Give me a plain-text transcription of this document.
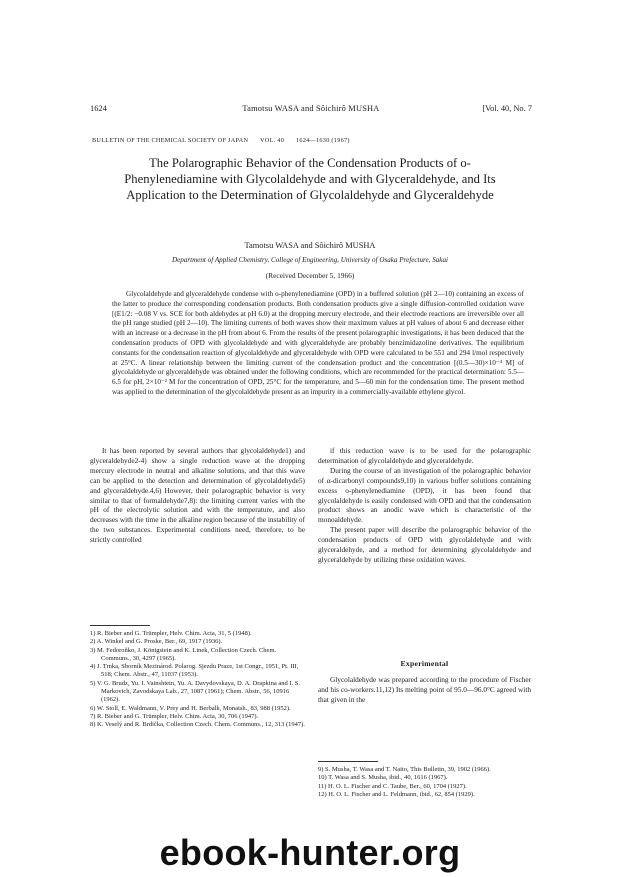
1624	Tamotsu WASA and Sôichirô MUSHA	[Vol. 40, No. 7
BULLETIN OF THE CHEMICAL SOCIETY OF JAPAN VOL. 40 1624—1630 (1967)
The Polarographic Behavior of the Condensation Products of o-Phenylenediamine with Glycolaldehyde and with Glyceraldehyde, and Its Application to the Determination of Glycolaldehyde and Glyceraldehyde
Tamotsu WASA and Sôichirô MUSHA
Department of Applied Chemistry, College of Engineering, University of Osaka Prefecture, Sakai
(Received December 5, 1966)

Glycolaldehyde and glyceraldehyde condense with o-phenylenediamine (OPD) in a buffered solution (pH 2—10) containing an excess of the latter to produce the corresponding condensation products. Both condensation products give a single diffusion-controlled oxidation wave [(E1/2: −0.08 V vs. SCE for both aldehydes at pH 6.0) at the dropping mercury electrode, and their electrode reactions are irreversible over all the pH range studied (pH 2—10). The limiting currents of both waves show their maximum values at pH values of about 6 and decrease either with an increase or a decrease in the pH from about 6. From the results of the present polarographic investigations, it has been deduced that the condensation products of OPD with glycolaldehyde and with glyceraldehyde are probably benzimidazoline derivatives. The equilibrium constants for the condensation reaction of glycolaldehyde and glyceraldehyde with OPD were calculated to be 551 and 294 l/mol respectively at 25°C. A linear relationship between the limiting current of the condensation product and the concentration [(0.5—30)×10⁻⁴ M] of glycolaldehyde or glyceraldehyde was obtained under the following conditions, which are recommended for the practical determination: 5.5—6.5 for pH, 2×10⁻² M for the concentration of OPD, 25°C for the temperature, and 5—60 min for the condensation time. The present method was applied to the determination of the glycolaldehyde present as an impurity in a commercially-available ethylene glycol.

It has been reported by several authors that glycolaldehyde1) and glyceraldehyde2-4) show a single reduction wave at the dropping mercury electrode in neutral and alkaline solutions, and that this wave can be applied to the detection and determination of glycolaldehyde5) and glyceraldehyde.4,6) However, their polarographic behavior is very similar to that of formaldehyde7,8): the limiting current varies with the pH of the electrolytic solution and with the temperature, and also decreases with the time in the alkaline region because of the instability of the two substances. Experimental conditions need, therefore, to be strictly controlled

if this reduction wave is to be used for the polarographic determination of glycolaldehyde and glyceraldehyde.

During the course of an investigation of the polarographic behavior of α-dicarbonyl compounds9,10) in various buffer solutions containing excess o-phenylenediamine (OPD), it has been found that glycolaldehyde is easily condensed with OPD and that the condensation product shows an anodic wave which is characteristic of the monoaldehyde.

The present paper will describe the polarographic behavior of the condensation products of OPD with glycolaldehyde and with glyceraldehyde, and a method for determining glycolaldehyde and glyceraldehyde by utilizing these oxidation waves.

1) R. Bieber and G. Trümpler, Helv. Chim. Acta, 31, 5 (1948).
2) A. Winkel and G. Proske, Ber., 69, 1917 (1936).
3) M. Fedoroňko, J. Königstein and K. Linek, Collection Czech. Chem. Communs., 30, 4297 (1965).
4) J. Trnka, Sborník Mezinárod. Polarog. Sjezdu Praze, 1st Congr., 1951, Pt. III, 518; Chem. Abstr., 47, 11037 (1953).
5) V. G. Brudz, Yu. I. Vainshtein, Yu. A. Davydovskaya, D. A. Drapkina and I. S. Markovich, Zavodskaya Lab., 27, 1087 (1961); Chem. Abstr., 56, 10916 (1962).
6) W. Stoll, E. Waldmann, V. Prey and H. Berbalk, Monatsh., 83, 988 (1952).
7) R. Bieber and G. Trümpler, Helv. Chim. Acta, 30, 706 (1947).
8) K. Veselý and R. Brdička, Collection Czech. Chem. Communs., 12, 313 (1947).
Experimental

Glycolaldehyde was prepared according to the procedure of Fischer and his co-workers.11,12) Its melting point of 95.0—96.0°C agreed with that given in the

9) S. Musha, T. Wasa and T. Naito, This Bulletin, 39, 1902 (1966).
10) T. Wasa and S. Musha, ibid., 40, 1616 (1967).
11) H. O. L. Fischer and C. Taube, Ber., 60, 1704 (1927).
12) H. O. L. Fischer and L. Feldmann, ibid., 62, 854 (1929).
ebook-hunter.org
